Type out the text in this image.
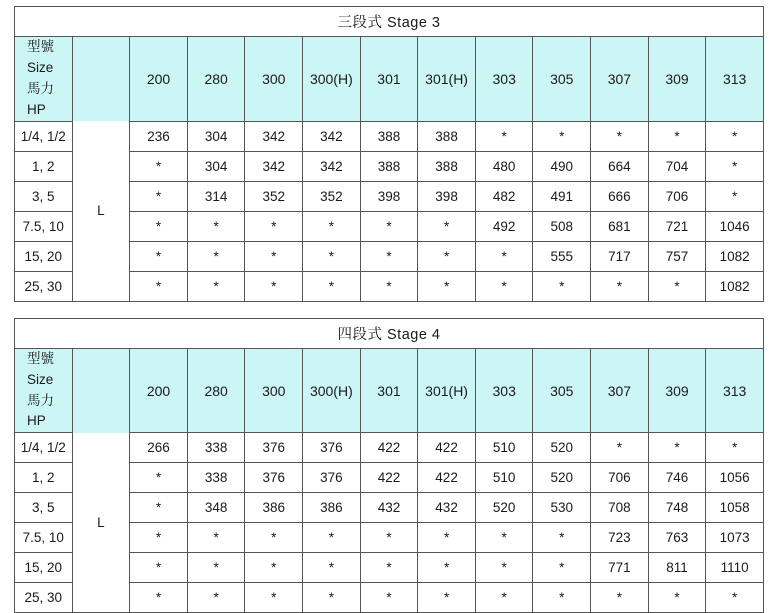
三段式 Stage 3												
型號 Size
馬力 HP		200	280	300	300(H)	301	301(H)	303	305	307	309	313
1/4, 1/2	L	236	304	342	342	388	388	*	*	*	*	*
1, 2		*	304	342	342	388	388	480	490	664	704	*
3, 5		*	314	352	352	398	398	482	491	666	706	*
7.5, 10		*	*	*	*	*	*	492	508	681	721	1046
15, 20		*	*	*	*	*	*	*	555	717	757	1082
25, 30		*	*	*	*	*	*	*	*	*	*	1082
四段式 Stage 4												
型號 Size
馬力 HP		200	280	300	300(H)	301	301(H)	303	305	307	309	313
1/4, 1/2	L	266	338	376	376	422	422	510	520	*	*	*
1, 2		*	338	376	376	422	422	510	520	706	746	1056
3, 5		*	348	386	386	432	432	520	530	708	748	1058
7.5, 10		*	*	*	*	*	*	*	*	723	763	1073
15, 20		*	*	*	*	*	*	*	*	771	811	1110
25, 30		*	*	*	*	*	*	*	*	*	*	*
